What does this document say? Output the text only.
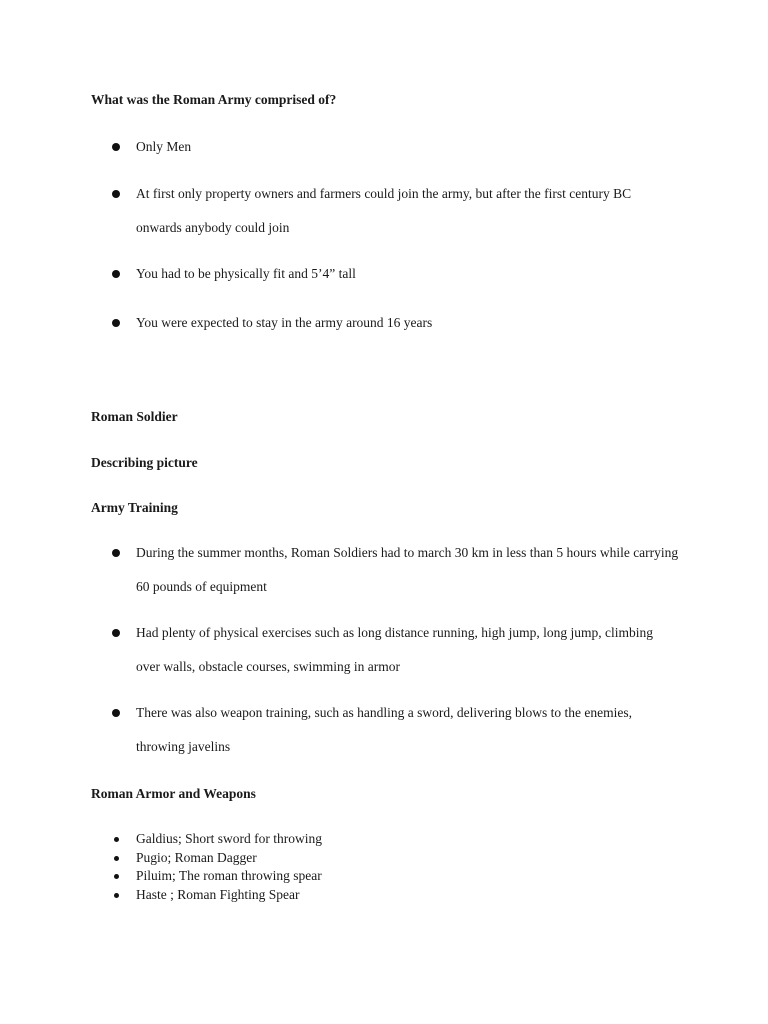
What was the Roman Army comprised of?
Only Men
At first only property owners and farmers could join the army, but after the first century BC onwards anybody could join
You had to be physically fit and 5’4” tall
You were expected to stay in the army around 16 years
Roman Soldier
Describing picture
Army Training
During the summer months, Roman Soldiers had to march 30 km in less than 5 hours while carrying 60 pounds of equipment
Had plenty of physical exercises such as long distance running, high jump, long jump, climbing over walls, obstacle courses, swimming in armor
There was also weapon training, such as handling a sword, delivering blows to the enemies, throwing javelins
Roman Armor and Weapons
Galdius; Short sword for throwing
Pugio; Roman Dagger
Piluim; The roman throwing spear
Haste ; Roman Fighting Spear
